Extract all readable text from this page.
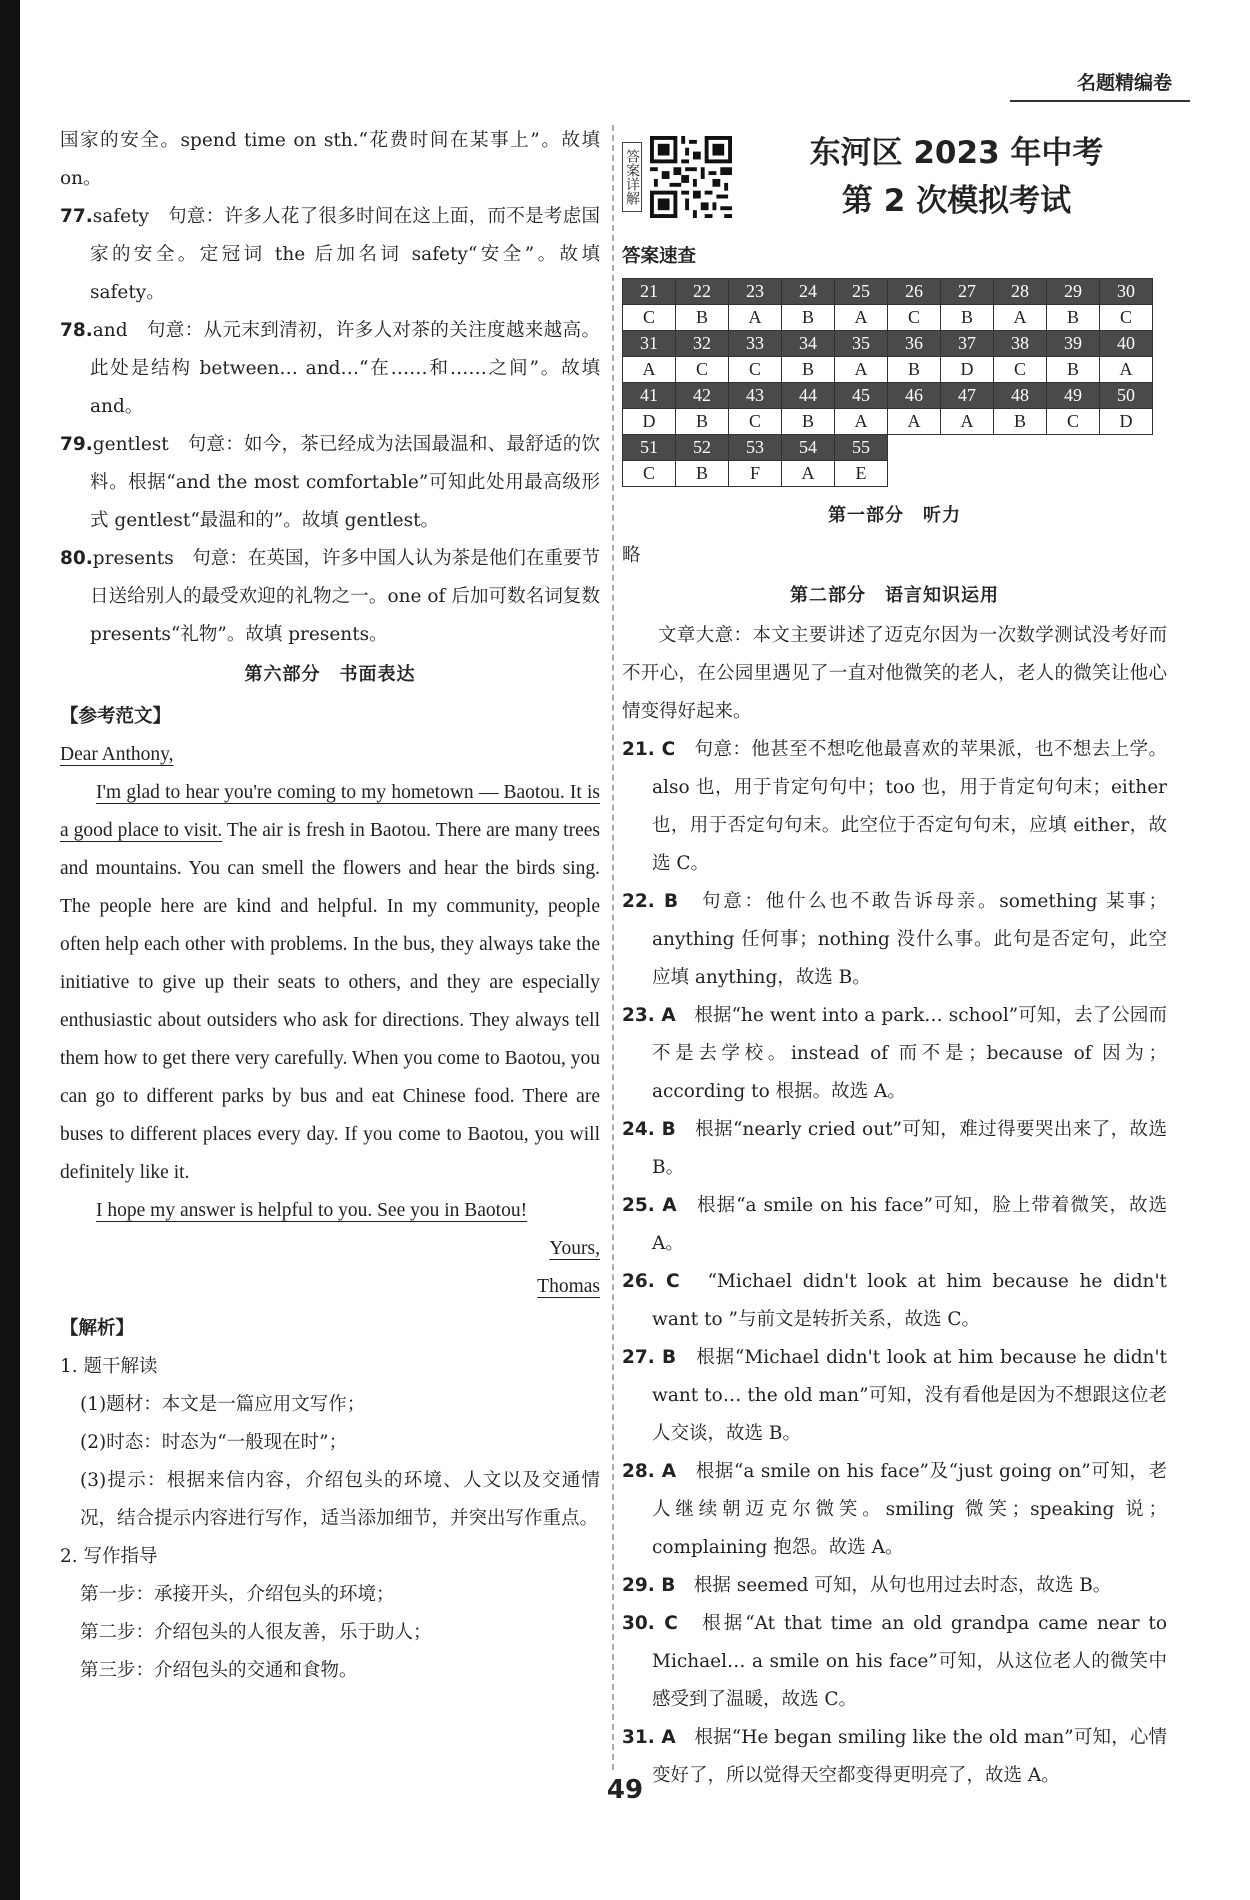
名题精编卷

国家的安全。spend time on sth.“花费时间在某事上”。故填 on。

77.safety　句意：许多人花了很多时间在这上面，而不是考虑国家的安全。定冠词 the 后加名词 safety“安全”。故填 safety。

78.and　句意：从元末到清初，许多人对茶的关注度越来越高。此处是结构 between… and…“在……和……之间”。故填 and。

79.gentlest　句意：如今，茶已经成为法国最温和、最舒适的饮料。根据“and the most comfortable”可知此处用最高级形式 gentlest“最温和的”。故填 gentlest。

80.presents　句意：在英国，许多中国人认为茶是他们在重要节日送给别人的最受欢迎的礼物之一。one of 后加可数名词复数 presents“礼物”。故填 presents。

第六部分　书面表达

【参考范文】

Dear Anthony,

I'm glad to hear you're coming to my hometown — Baotou. It is a good place to visit. The air is fresh in Baotou. There are many trees and mountains. You can smell the flowers and hear the birds sing. The people here are kind and helpful. In my community, people often help each other with problems. In the bus, they always take the initiative to give up their seats to others, and they are especially enthusiastic about outsiders who ask for directions. They always tell them how to get there very carefully. When you come to Baotou, you can go to different parks by bus and eat Chinese food. There are buses to different places every day. If you come to Baotou, you will definitely like it.

I hope my answer is helpful to you. See you in Baotou!

Yours,

Thomas

【解析】

1. 题干解读

(1)题材：本文是一篇应用文写作；

(2)时态：时态为“一般现在时”；

(3)提示：根据来信内容，介绍包头的环境、人文以及交通情况，结合提示内容进行写作，适当添加细节，并突出写作重点。

2. 写作指导

第一步：承接开头，介绍包头的环境；

第二步：介绍包头的人很友善，乐于助人；

第三步：介绍包头的交通和食物。

答案详解	东河区 2023 年中考
第 2 次模拟考试

答案速查

21	22	23	24	25	26	27	28	29	30
C	B	A	B	A	C	B	A	B	C
31	32	33	34	35	36	37	38	39	40
A	C	C	B	A	B	D	C	B	A
41	42	43	44	45	46	47	48	49	50
D	B	C	B	A	A	A	B	C	D
51	52	53	54	55					
C	B	F	A	E					

第一部分　听力

略

第二部分　语言知识运用

文章大意：本文主要讲述了迈克尔因为一次数学测试没考好而不开心，在公园里遇见了一直对他微笑的老人，老人的微笑让他心情变得好起来。

21. C　句意：他甚至不想吃他最喜欢的苹果派，也不想去上学。also 也，用于肯定句句中；too 也，用于肯定句句末；either 也，用于否定句句末。此空位于否定句句末，应填 either，故选 C。

22. B　句意：他什么也不敢告诉母亲。something 某事；anything 任何事；nothing 没什么事。此句是否定句，此空应填 anything，故选 B。

23. A　根据“he went into a park… school”可知，去了公园而不是去学校。instead of 而不是；because of 因为；according to 根据。故选 A。

24. B　根据“nearly cried out”可知，难过得要哭出来了，故选 B。

25. A　根据“a smile on his face”可知，脸上带着微笑，故选 A。

26. C　“Michael didn't look at him because he didn't want to ”与前文是转折关系，故选 C。

27. B　根据“Michael didn't look at him because he didn't want to… the old man”可知，没有看他是因为不想跟这位老人交谈，故选 B。

28. A　根据“a smile on his face”及“just going on”可知，老人继续朝迈克尔微笑。smiling 微笑；speaking 说；complaining 抱怨。故选 A。

29. B　根据 seemed 可知，从句也用过去时态，故选 B。

30. C　根据“At that time an old grandpa came near to Michael… a smile on his face”可知，从这位老人的微笑中感受到了温暖，故选 C。

31. A　根据“He began smiling like the old man”可知，心情变好了，所以觉得天空都变得更明亮了，故选 A。

49
